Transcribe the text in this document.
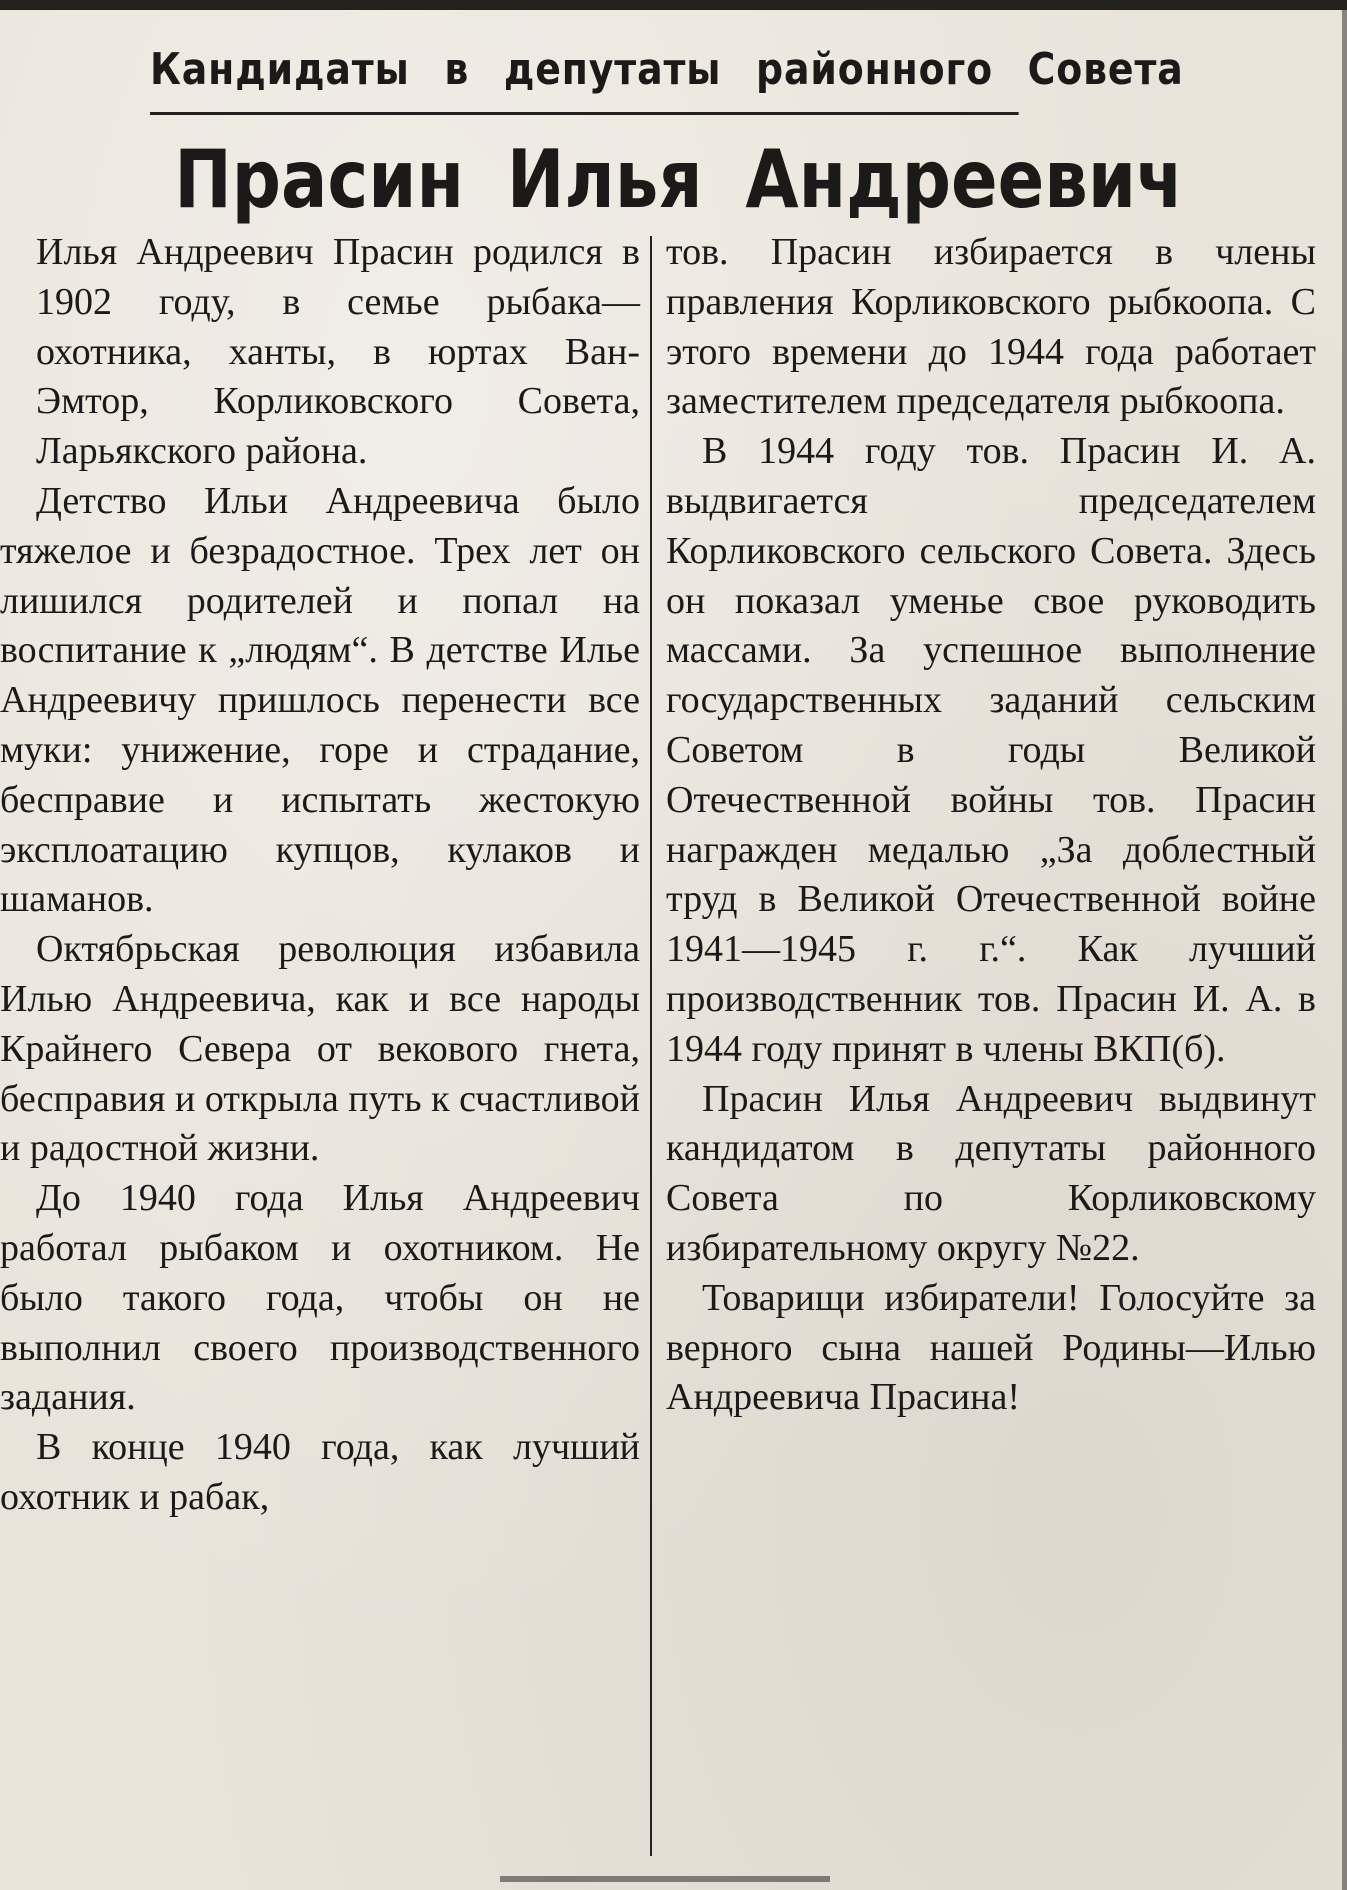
Кандидаты в депутаты районного Совета
Прасин Илья Андреевич

Илья Андреевич Прасин родился в 1902 году, в семье рыбака—охотника, ханты, в юртах Ван-Эмтор, Корликовского Совета, Ларьякского района.

Детство Ильи Андреевича было тяжелое и безрадостное. Трех лет он лишился родителей и попал на воспитание к „людям“. В детстве Илье Андреевичу пришлось перенести все муки: унижение, горе и страдание, бесправие и испытать жестокую эксплоатацию купцов, кулаков и шаманов.

Октябрьская революция избавила Илью Андреевича, как и все народы Крайнего Севера от векового гнета, бесправия и открыла путь к счастливой и радостной жизни.

До 1940 года Илья Андреевич работал рыбаком и охотником. Не было такого года, чтобы он не выполнил своего производственного задания.

В конце 1940 года, как лучший охотник и рабак,

тов. Прасин избирается в члены правления Корликовского рыбкоопа. С этого времени до 1944 года работает заместителем председателя рыбкоопа.

В 1944 году тов. Прасин И. А. выдвигается председателем Корликовского сельского Совета. Здесь он показал уменье свое руководить массами. За успешное выполнение государственных заданий сельским Советом в годы Великой Отечественной войны тов. Прасин награжден медалью „За доблестный труд в Великой Отечественной войне 1941—1945 г. г.“. Как лучший производственник тов. Прасин И. А. в 1944 году принят в члены ВКП(б).

Прасин Илья Андреевич выдвинут кандидатом в депутаты районного Совета по Корликовскому избирательному округу №22.

Товарищи избиратели! Голосуйте за верного сына нашей Родины—Илью Андреевича Прасина!
